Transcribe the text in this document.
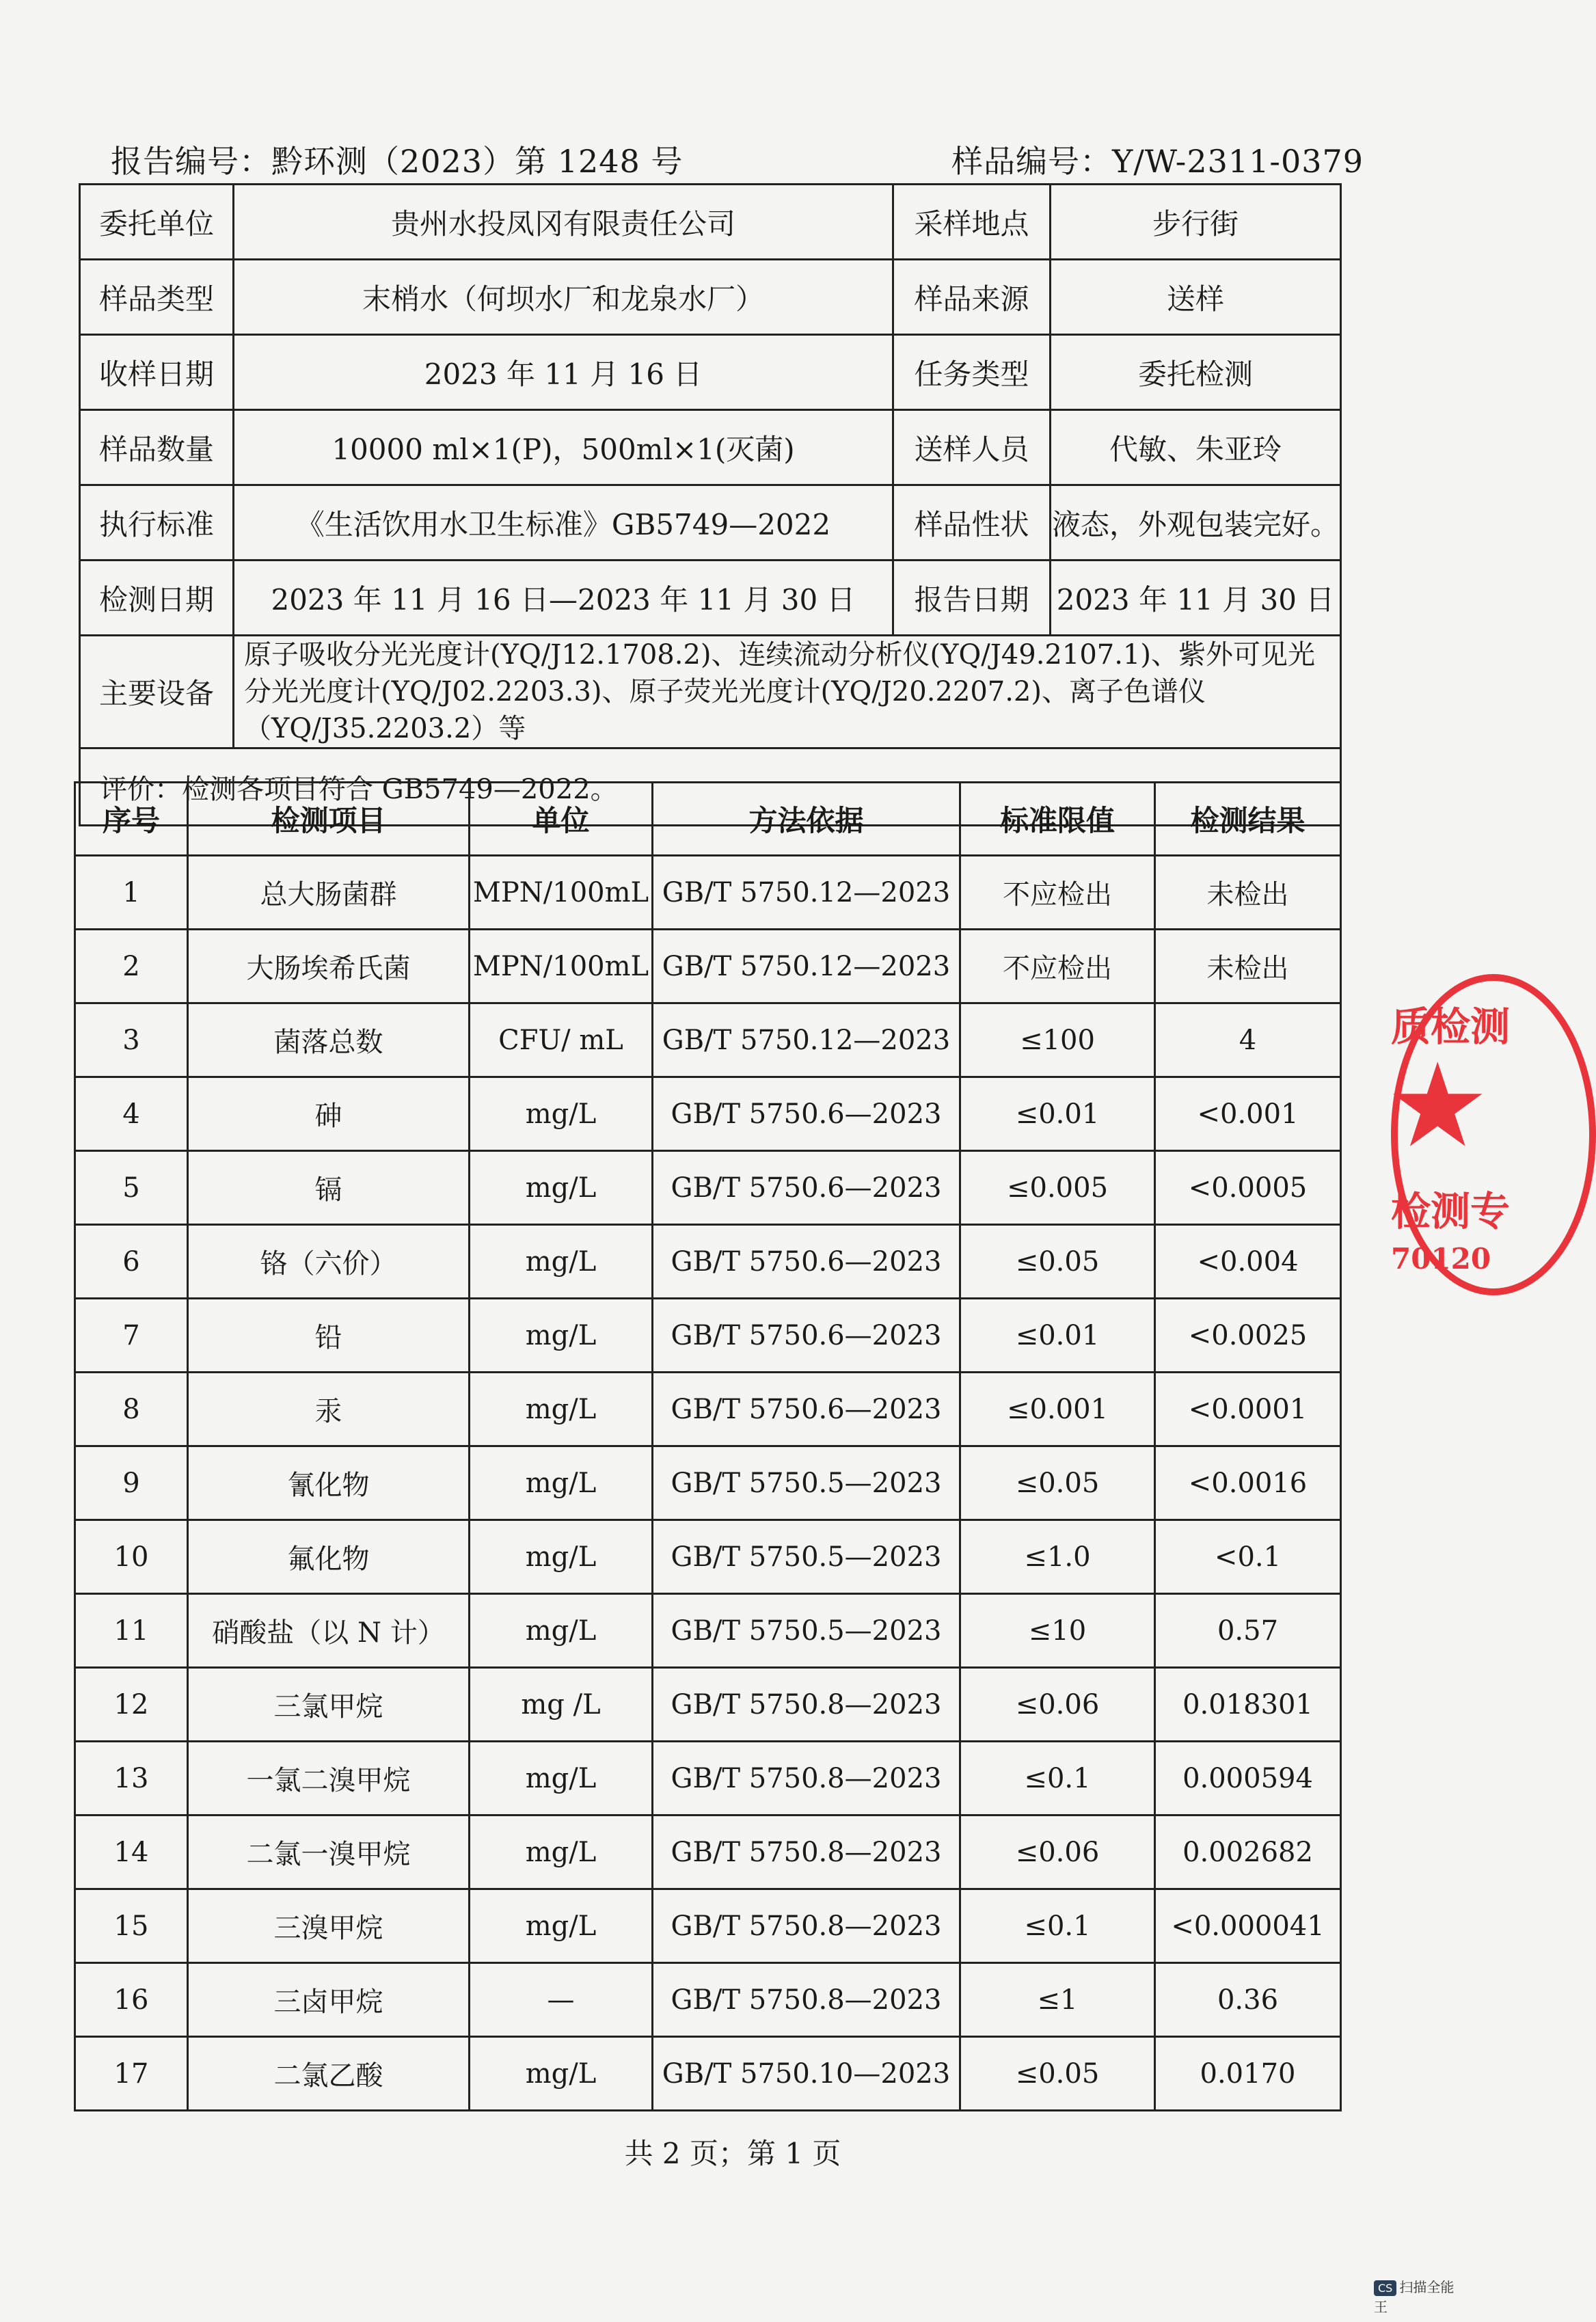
报告编号：黔环测（2023）第 1248 号	样品编号：Y/W-2311-0379
委托单位	贵州水投凤冈有限责任公司	采样地点	步行街
样品类型	末梢水（何坝水厂和龙泉水厂）	样品来源	送样
收样日期	2023 年 11 月 16 日	任务类型	委托检测
样品数量	10000 ml×1(P)，500ml×1(灭菌)	送样人员	代敏、朱亚玲
执行标准	《生活饮用水卫生标准》GB5749—2022	样品性状	液态，外观包装完好。
检测日期	2023 年 11 月 16 日—2023 年 11 月 30 日	报告日期	2023 年 11 月 30 日
主要设备	原子吸收分光光度计(YQ/J12.1708.2)、连续流动分析仪(YQ/J49.2107.1)、紫外可见光分光光度计(YQ/J02.2203.3)、原子荧光光度计(YQ/J20.2207.2)、离子色谱仪（YQ/J35.2203.2）等		
评价：检测各项目符合 GB5749—2022。			
序号	检测项目	单位	方法依据	标准限值	检测结果
1	总大肠菌群	MPN/100mL	GB/T 5750.12—2023	不应检出	未检出
2	大肠埃希氏菌	MPN/100mL	GB/T 5750.12—2023	不应检出	未检出
3	菌落总数	CFU/ mL	GB/T 5750.12—2023	≤100	4
4	砷	mg/L	GB/T 5750.6—2023	≤0.01	<0.001
5	镉	mg/L	GB/T 5750.6—2023	≤0.005	<0.0005
6	铬（六价）	mg/L	GB/T 5750.6—2023	≤0.05	<0.004
7	铅	mg/L	GB/T 5750.6—2023	≤0.01	<0.0025
8	汞	mg/L	GB/T 5750.6—2023	≤0.001	<0.0001
9	氰化物	mg/L	GB/T 5750.5—2023	≤0.05	<0.0016
10	氟化物	mg/L	GB/T 5750.5—2023	≤1.0	<0.1
11	硝酸盐（以 N 计）	mg/L	GB/T 5750.5—2023	≤10	0.57
12	三氯甲烷	mg /L	GB/T 5750.8—2023	≤0.06	0.018301
13	一氯二溴甲烷	mg/L	GB/T 5750.8—2023	≤0.1	0.000594
14	二氯一溴甲烷	mg/L	GB/T 5750.8—2023	≤0.06	0.002682
15	三溴甲烷	mg/L	GB/T 5750.8—2023	≤0.1	<0.000041
16	三卤甲烷	—	GB/T 5750.8—2023	≤1	0.36
17	二氯乙酸	mg/L	GB/T 5750.10—2023	≤0.05	0.0170
共 2 页；第 1 页
质检测
★
检测专
70120
CS 扫描全能王
